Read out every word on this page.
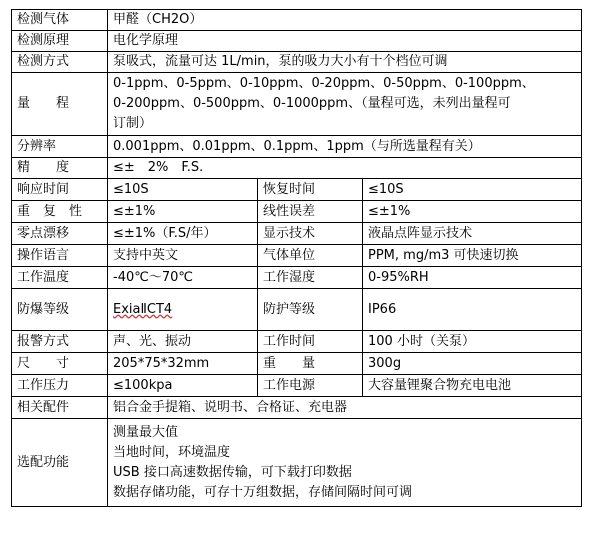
检测气体	甲醛（CH2O）		
检测原理	电化学原理		
检测方式	泵吸式，流量可达 1L/min，泵的吸力大小有十个档位可调		
量　　程	0-1ppm、0-5ppm、0-10ppm、0-20ppm、0-50ppm、0-100ppm、
0-200ppm、0-500ppm、0-1000ppm、（量程可选，未列出量程可
订制）		

分辨率	0.001ppm、0.01ppm、0.1ppm、1ppm（与所选量程有关）		
精　　度	≤±　2%　F.S.		
响应时间	≤10S	恢复时间	≤10S
重　复　性	≤±1%	线性误差	≤±1%
零点漂移	≤±1%（F.S/年）	显示技术	液晶点阵显示技术
操作语言	支持中英文	气体单位	PPM, mg/m3 可快速切换
工作温度	-40℃～70℃	工作湿度	0-95%RH
防爆等级	ExiaⅡCT4	防护等级	IP66
报警方式	声、光、振动	工作时间	100 小时（关泵）
尺　　寸	205*75*32mm	重　　量	300g
工作压力	≤100kpa	工作电源	大容量锂聚合物充电电池
相关配件	铝合金手提箱、说明书、合格证、充电器		
选配功能	测量最大值
当地时间，环境温度
USB 接口高速数据传输，可下载打印数据
数据存储功能，可存十万组数据，存储间隔时间可调		
